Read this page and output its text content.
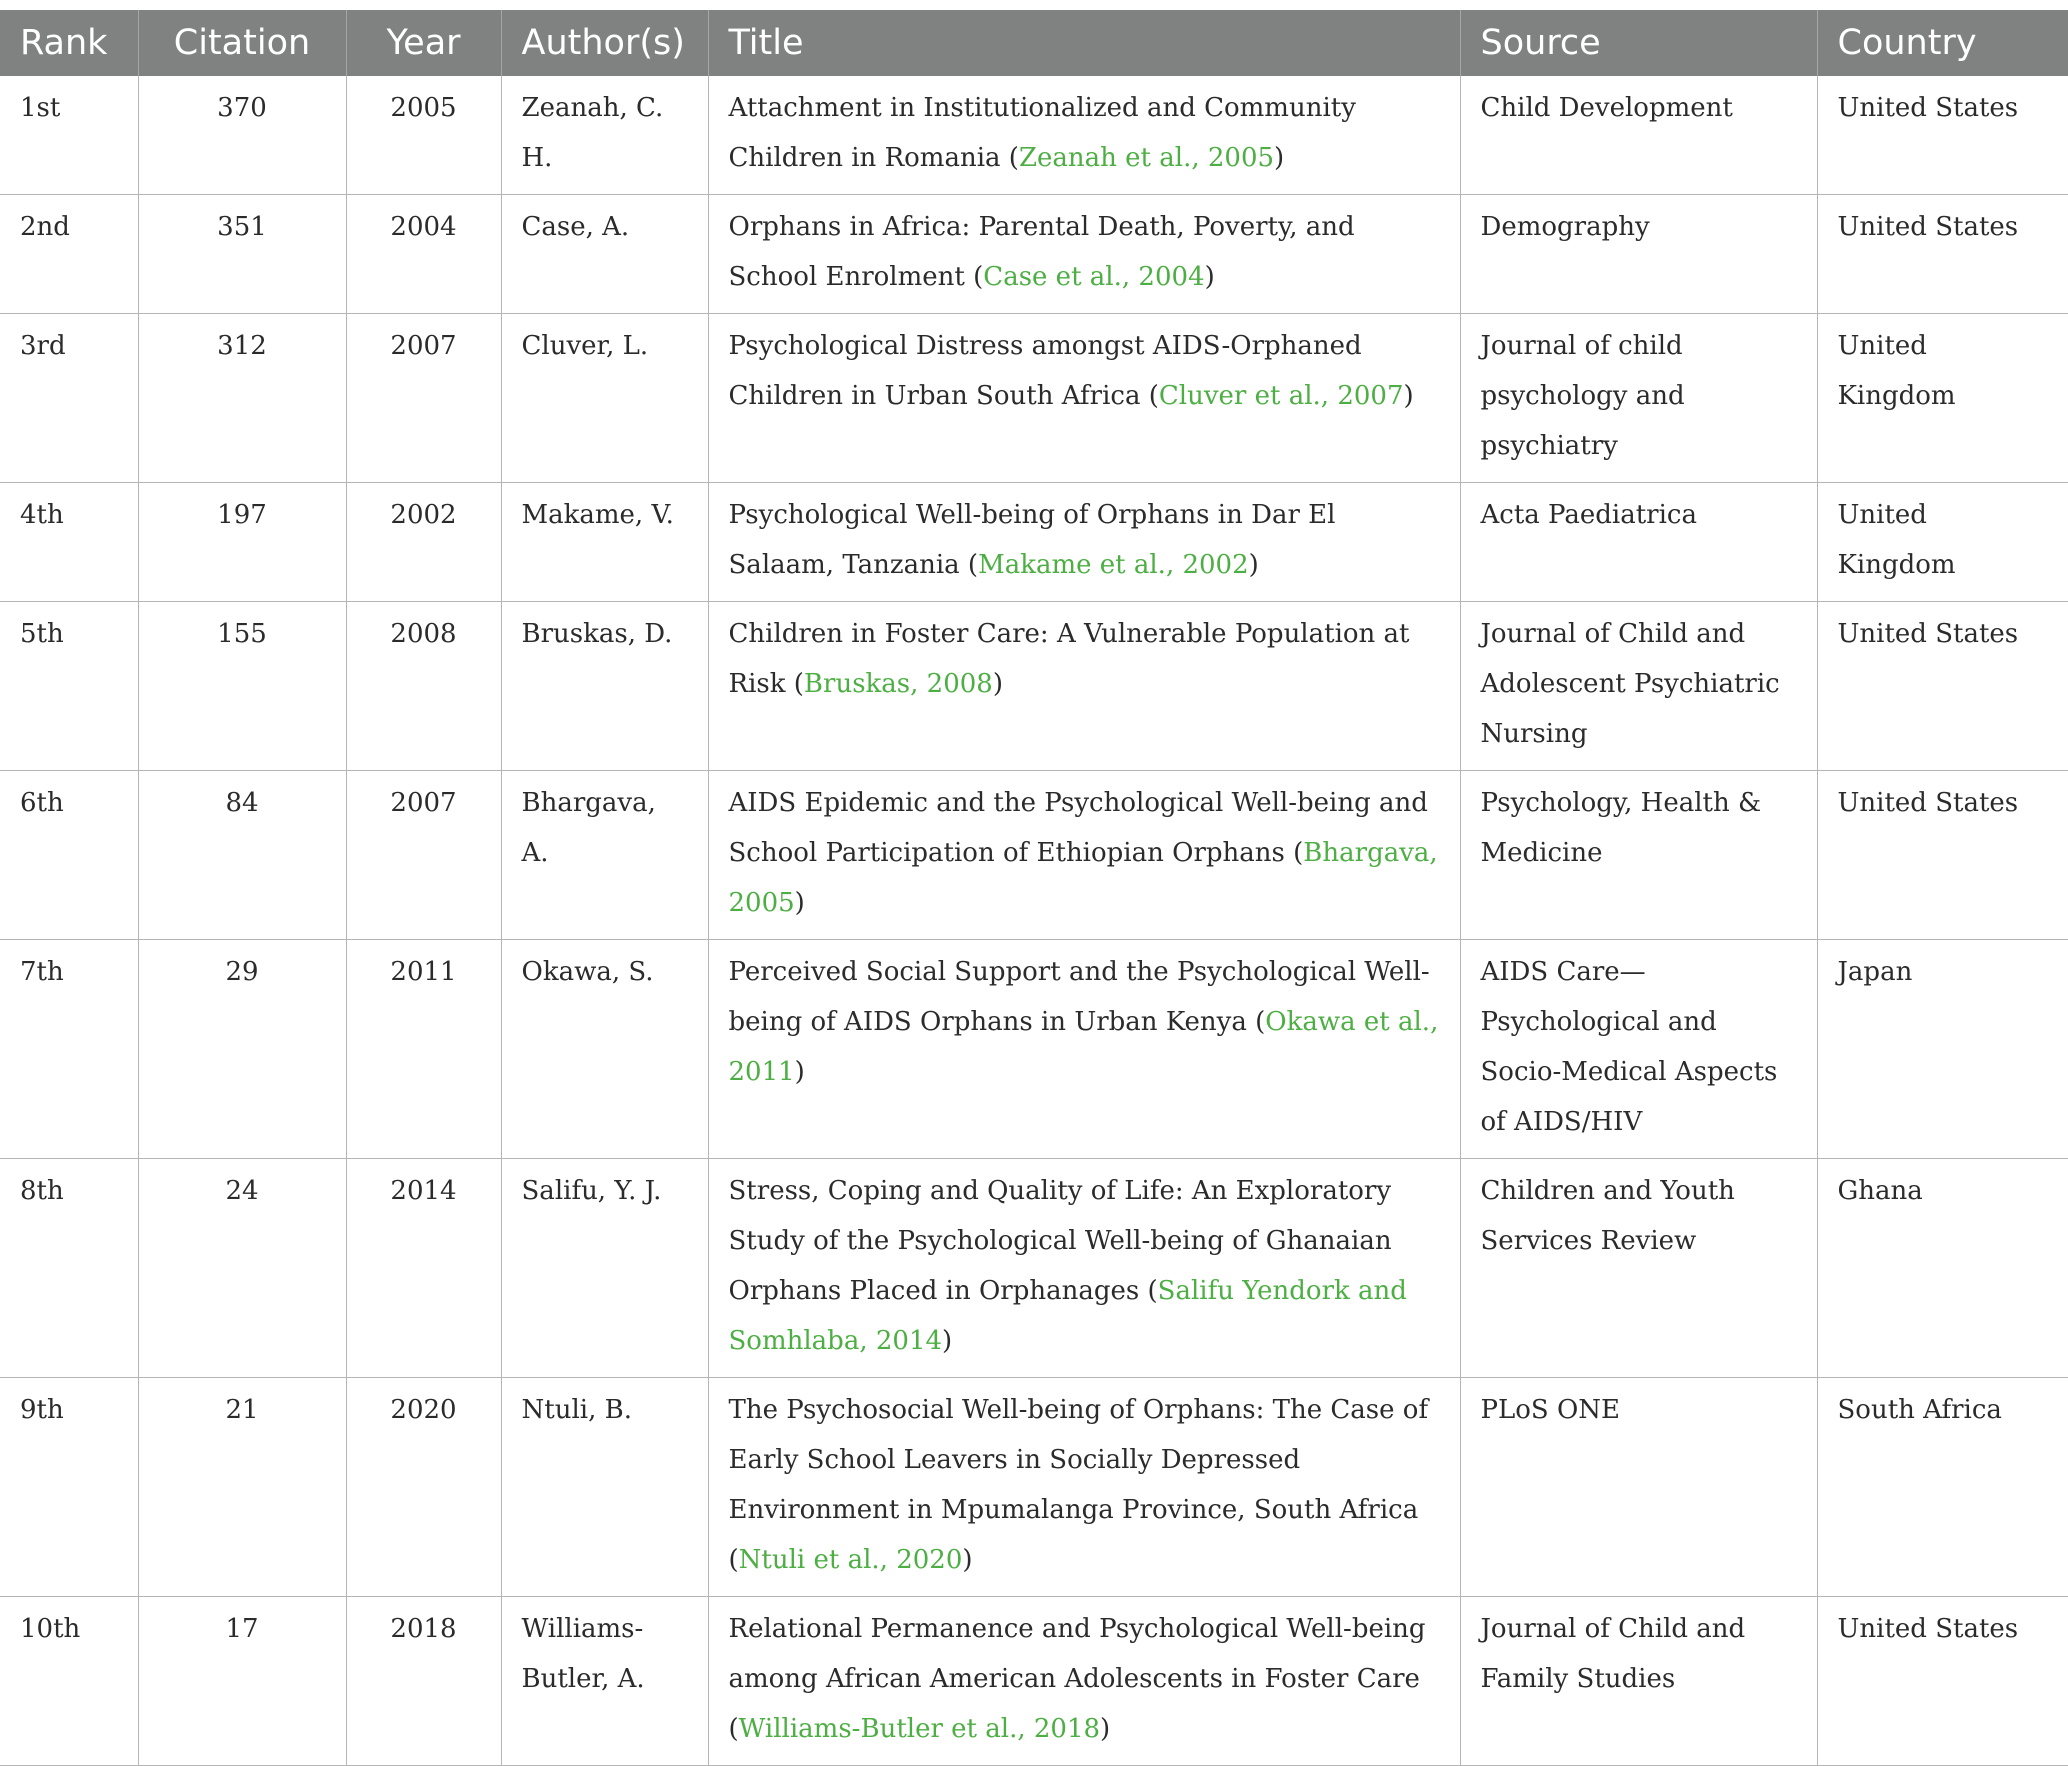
Rank	Citation	Year	Author(s)	Title	Source	Country
1st	370	2005	Zeanah, C. H.	Attachment in Institutionalized and Community Children in Romania (Zeanah et al., 2005)	Child Development	United States
2nd	351	2004	Case, A.	Orphans in Africa: Parental Death, Poverty, and School Enrolment (Case et al., 2004)	Demography	United States
3rd	312	2007	Cluver, L.	Psychological Distress amongst AIDS-Orphaned Children in Urban South Africa (Cluver et al., 2007)	Journal of child psychology and psychiatry	United Kingdom
4th	197	2002	Makame, V.	Psychological Well-being of Orphans in Dar El Salaam, Tanzania (Makame et al., 2002)	Acta Paediatrica	United Kingdom
5th	155	2008	Bruskas, D.	Children in Foster Care: A Vulnerable Population at Risk (Bruskas, 2008)	Journal of Child and Adolescent Psychiatric Nursing	United States
6th	84	2007	Bhargava, A.	AIDS Epidemic and the Psychological Well-being and School Participation of Ethiopian Orphans (Bhargava, 2005)	Psychology, Health & Medicine	United States
7th	29	2011	Okawa, S.	Perceived Social Support and the Psychological Well-being of AIDS Orphans in Urban Kenya (Okawa et al., 2011)	AIDS Care—Psychological and Socio-Medical Aspects of AIDS/HIV	Japan
8th	24	2014	Salifu, Y. J.	Stress, Coping and Quality of Life: An Exploratory Study of the Psychological Well-being of Ghanaian Orphans Placed in Orphanages (Salifu Yendork and Somhlaba, 2014)	Children and Youth Services Review	Ghana
9th	21	2020	Ntuli, B.	The Psychosocial Well-being of Orphans: The Case of Early School Leavers in Socially Depressed Environment in Mpumalanga Province, South Africa (Ntuli et al., 2020)	PLoS ONE	South Africa
10th	17	2018	Williams-Butler, A.	Relational Permanence and Psychological Well-being among African American Adolescents in Foster Care (Williams-Butler et al., 2018)	Journal of Child and Family Studies	United States
